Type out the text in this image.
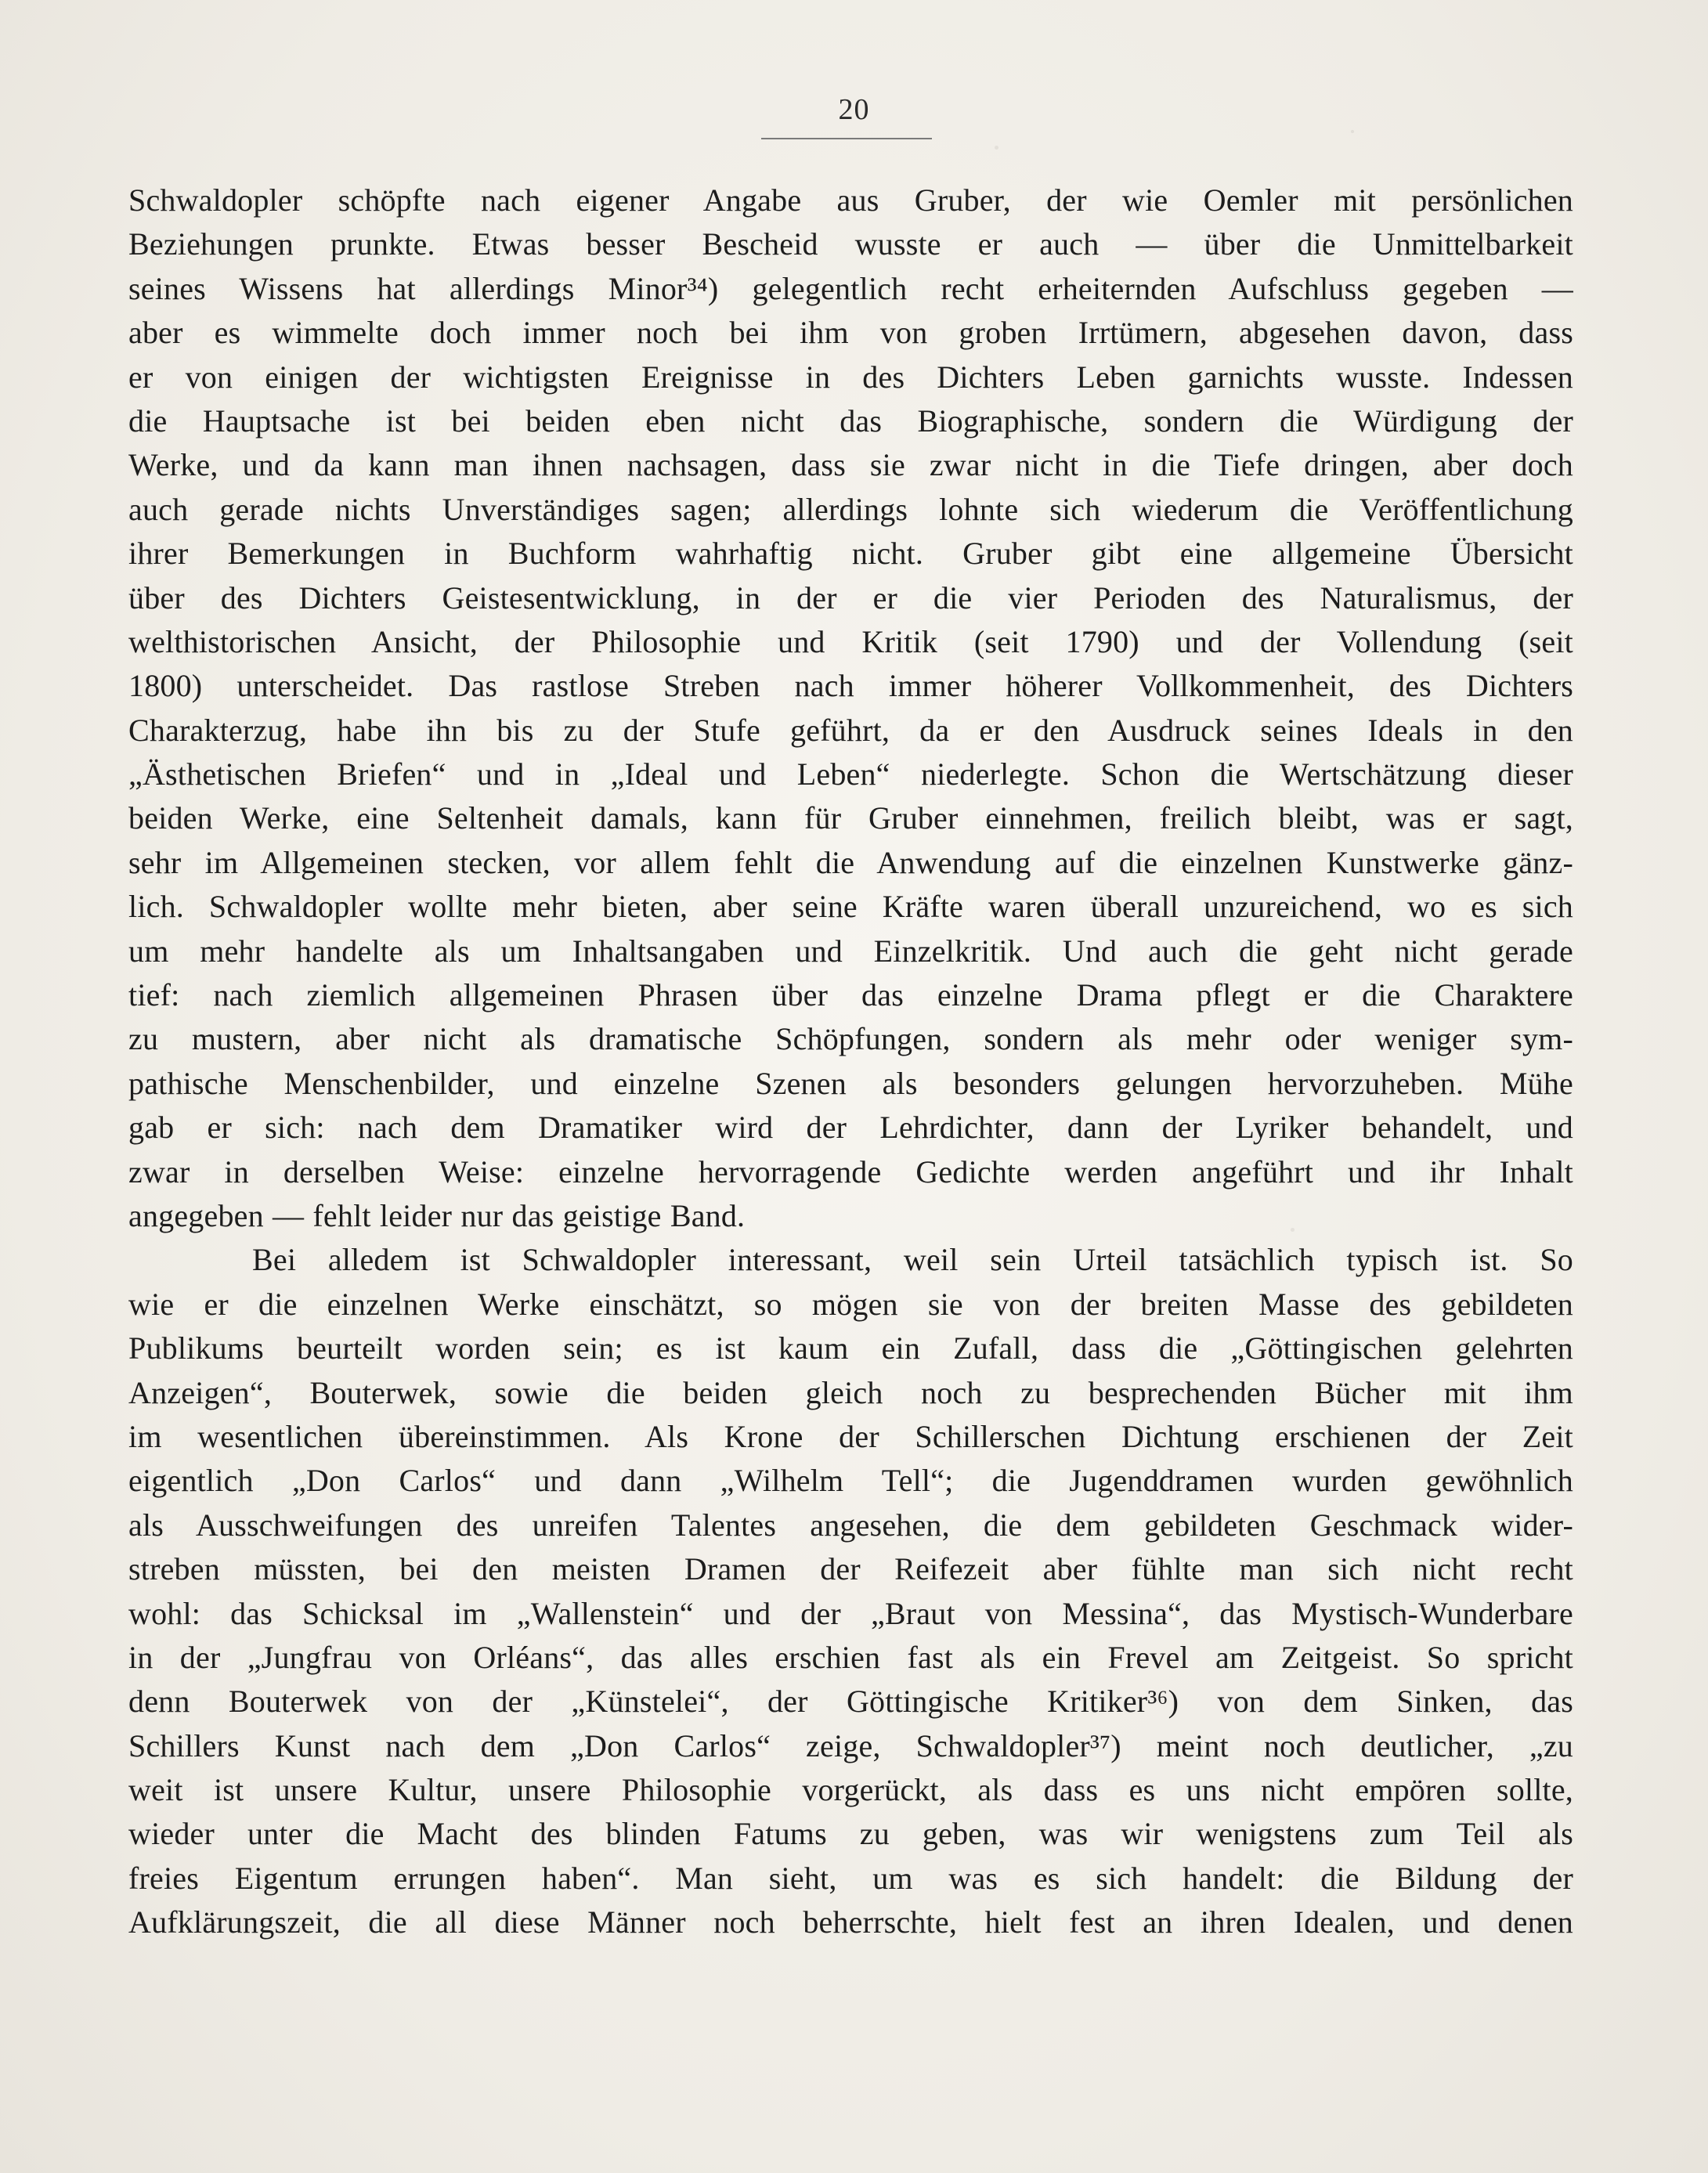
20
Schwaldopler schöpfte nach eigener Angabe aus Gruber, der wie Oemler mit persönlichen
Beziehungen prunkte. Etwas besser Bescheid wusste er auch — über die Unmittelbarkeit
seines Wissens hat allerdings Minor³⁴) gelegentlich recht erheiternden Aufschluss gegeben —
aber es wimmelte doch immer noch bei ihm von groben Irrtümern, abgesehen davon, dass
er von einigen der wichtigsten Ereignisse in des Dichters Leben garnichts wusste. Indessen
die Hauptsache ist bei beiden eben nicht das Biographische, sondern die Würdigung der
Werke, und da kann man ihnen nachsagen, dass sie zwar nicht in die Tiefe dringen, aber doch
auch gerade nichts Unverständiges sagen; allerdings lohnte sich wiederum die Veröffentlichung
ihrer Bemerkungen in Buchform wahrhaftig nicht. Gruber gibt eine allgemeine Übersicht
über des Dichters Geistesentwicklung, in der er die vier Perioden des Naturalismus, der
welthistorischen Ansicht, der Philosophie und Kritik (seit 1790) und der Vollendung (seit
1800) unterscheidet. Das rastlose Streben nach immer höherer Vollkommenheit, des Dichters
Charakterzug, habe ihn bis zu der Stufe geführt, da er den Ausdruck seines Ideals in den
„Ästhetischen Briefen“ und in „Ideal und Leben“ niederlegte. Schon die Wertschätzung dieser
beiden Werke, eine Seltenheit damals, kann für Gruber einnehmen, freilich bleibt, was er sagt,
sehr im Allgemeinen stecken, vor allem fehlt die Anwendung auf die einzelnen Kunstwerke gänz-
lich. Schwaldopler wollte mehr bieten, aber seine Kräfte waren überall unzureichend, wo es sich
um mehr handelte als um Inhaltsangaben und Einzelkritik. Und auch die geht nicht gerade
tief: nach ziemlich allgemeinen Phrasen über das einzelne Drama pflegt er die Charaktere
zu mustern, aber nicht als dramatische Schöpfungen, sondern als mehr oder weniger sym-
pathische Menschenbilder, und einzelne Szenen als besonders gelungen hervorzuheben. Mühe
gab er sich: nach dem Dramatiker wird der Lehrdichter, dann der Lyriker behandelt, und
zwar in derselben Weise: einzelne hervorragende Gedichte werden angeführt und ihr Inhalt
angegeben — fehlt leider nur das geistige Band.
Bei alledem ist Schwaldopler interessant, weil sein Urteil tatsächlich typisch ist. So
wie er die einzelnen Werke einschätzt, so mögen sie von der breiten Masse des gebildeten
Publikums beurteilt worden sein; es ist kaum ein Zufall, dass die „Göttingischen gelehrten
Anzeigen“, Bouterwek, sowie die beiden gleich noch zu besprechenden Bücher mit ihm
im wesentlichen übereinstimmen. Als Krone der Schillerschen Dichtung erschienen der Zeit
eigentlich „Don Carlos“ und dann „Wilhelm Tell“; die Jugenddramen wurden gewöhnlich
als Ausschweifungen des unreifen Talentes angesehen, die dem gebildeten Geschmack wider-
streben müssten, bei den meisten Dramen der Reifezeit aber fühlte man sich nicht recht
wohl: das Schicksal im „Wallenstein“ und der „Braut von Messina“, das Mystisch-Wunderbare
in der „Jungfrau von Orléans“, das alles erschien fast als ein Frevel am Zeitgeist. So spricht
denn Bouterwek von der „Künstelei“, der Göttingische Kritiker³⁶) von dem Sinken, das
Schillers Kunst nach dem „Don Carlos“ zeige, Schwaldopler³⁷) meint noch deutlicher, „zu
weit ist unsere Kultur, unsere Philosophie vorgerückt, als dass es uns nicht empören sollte,
wieder unter die Macht des blinden Fatums zu geben, was wir wenigstens zum Teil als
freies Eigentum errungen haben“. Man sieht, um was es sich handelt: die Bildung der
Aufklärungszeit, die all diese Männer noch beherrschte, hielt fest an ihren Idealen, und denen
